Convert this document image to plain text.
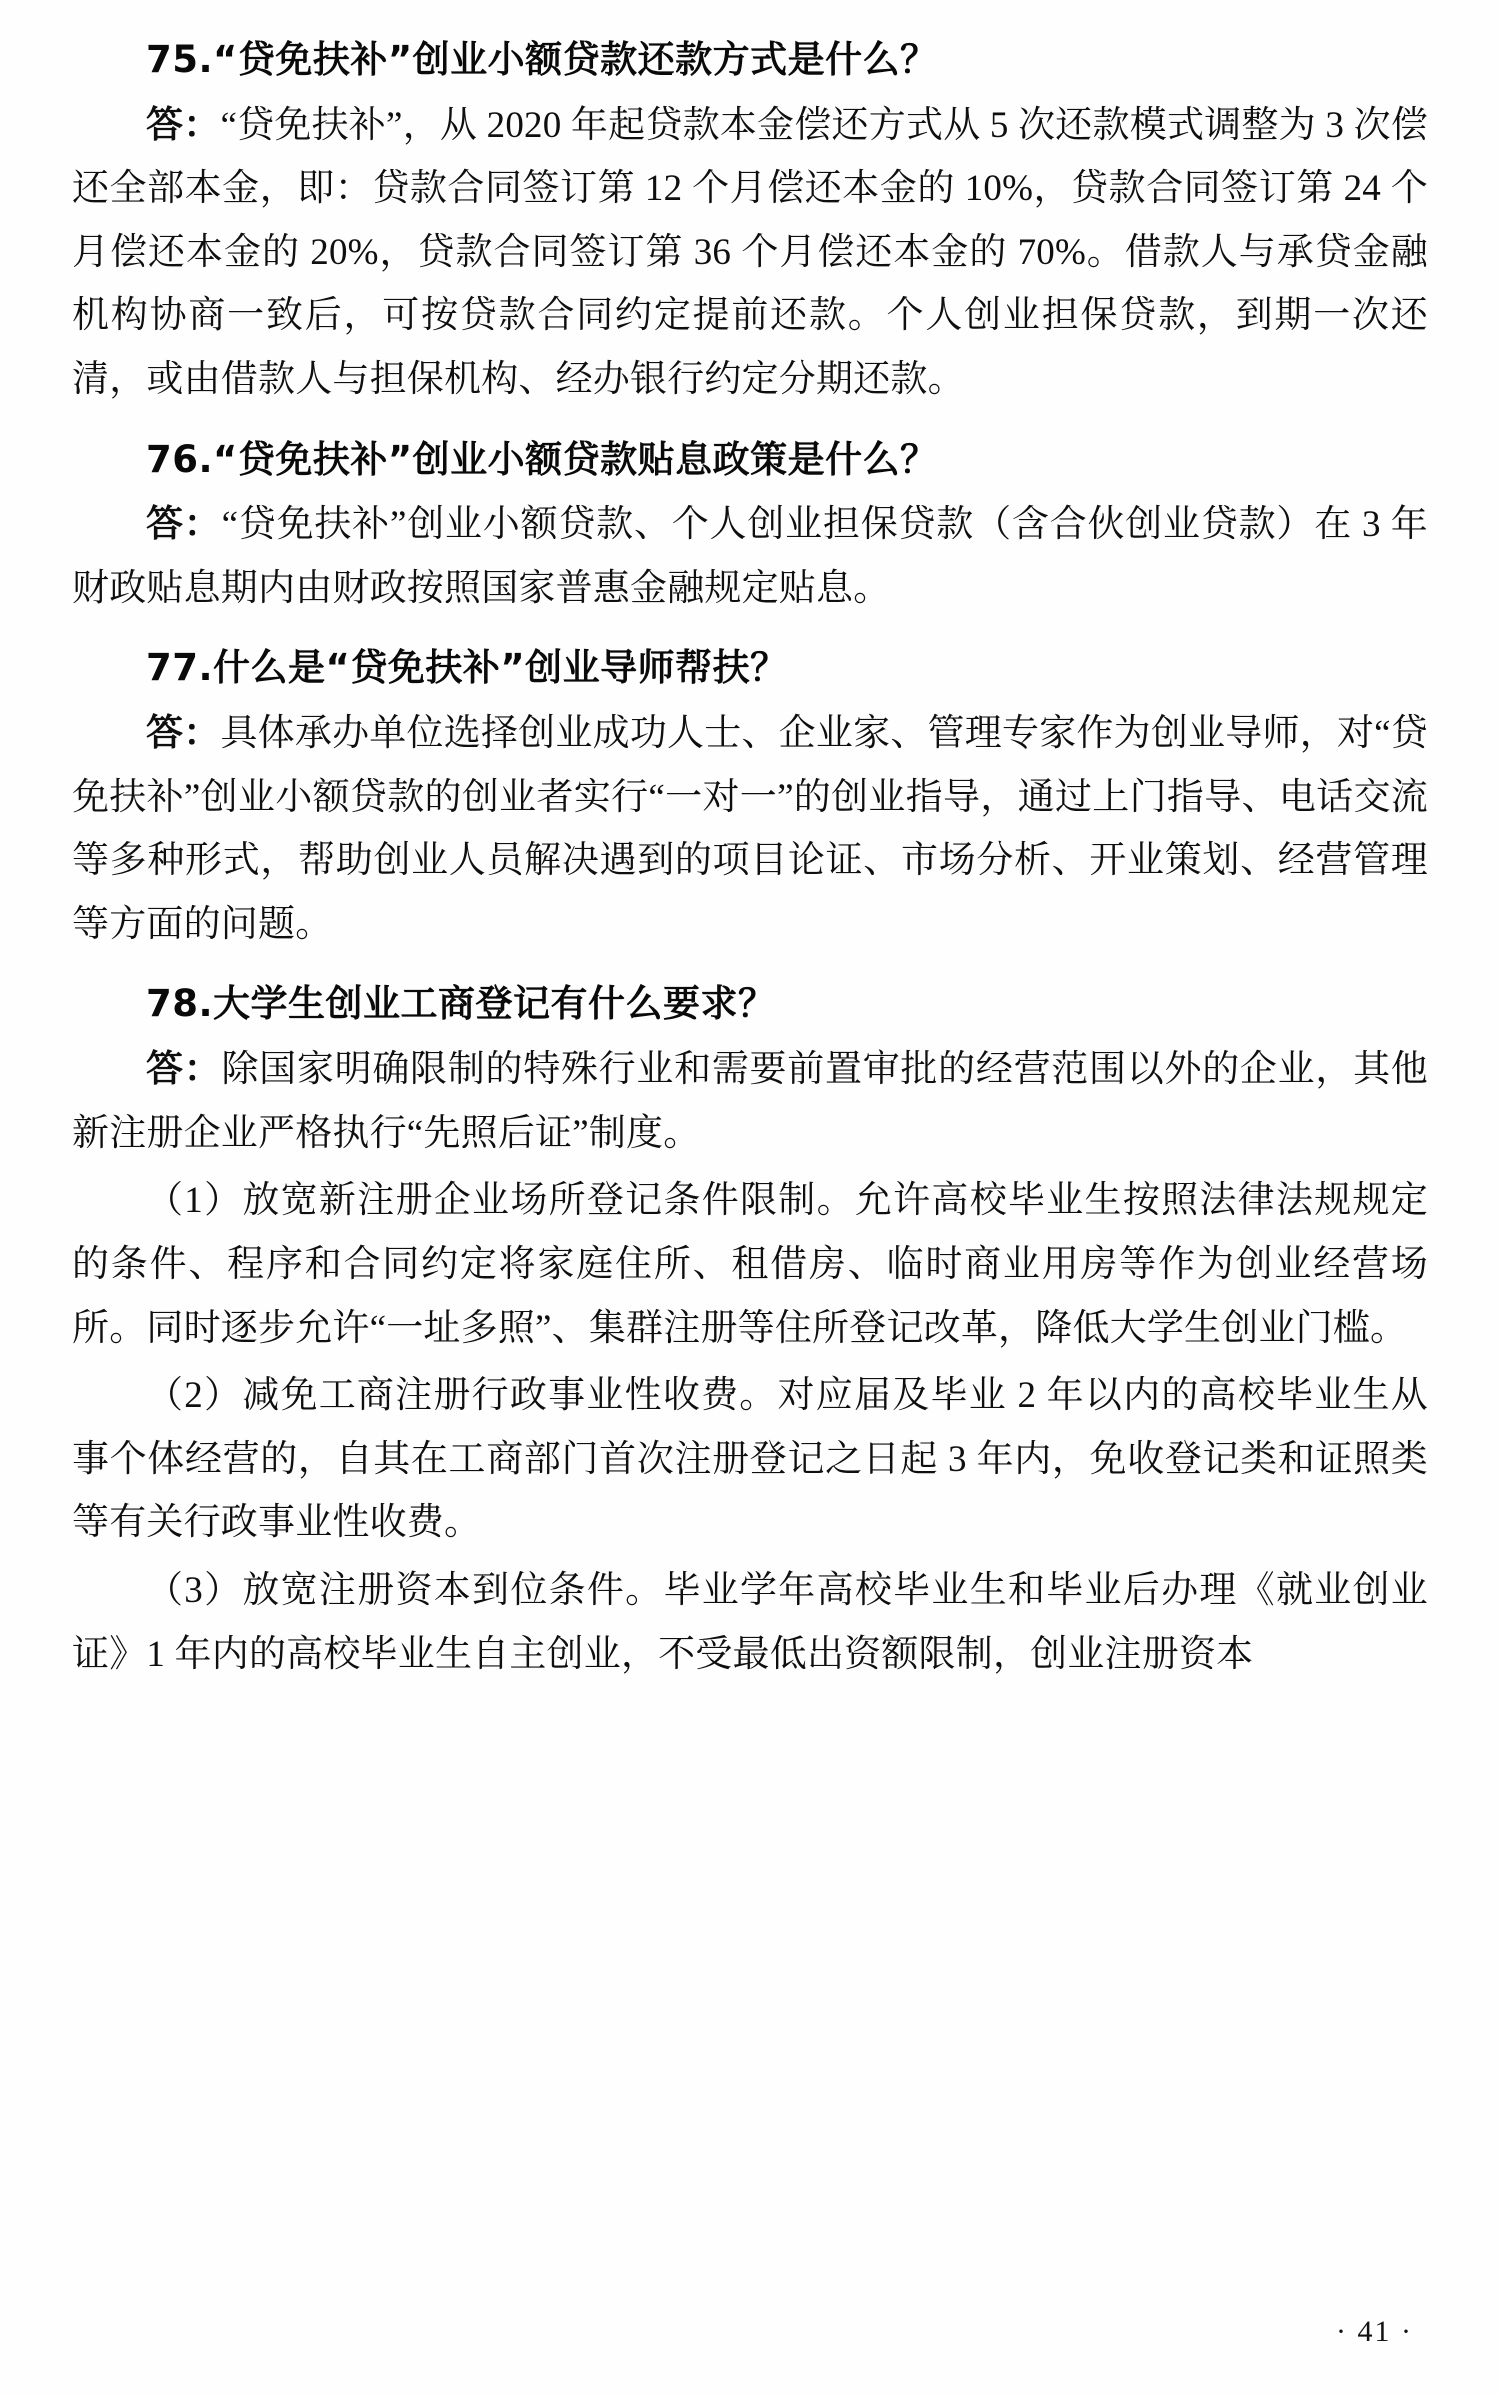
75.“贷免扶补”创业小额贷款还款方式是什么？

答：“贷免扶补”，从 2020 年起贷款本金偿还方式从 5 次还款模式调整为 3 次偿还全部本金，即：贷款合同签订第 12 个月偿还本金的 10%，贷款合同签订第 24 个月偿还本金的 20%，贷款合同签订第 36 个月偿还本金的 70%。借款人与承贷金融机构协商一致后，可按贷款合同约定提前还款。个人创业担保贷款，到期一次还清，或由借款人与担保机构、经办银行约定分期还款。

76.“贷免扶补”创业小额贷款贴息政策是什么？

答：“贷免扶补”创业小额贷款、个人创业担保贷款（含合伙创业贷款）在 3 年财政贴息期内由财政按照国家普惠金融规定贴息。

77.什么是“贷免扶补”创业导师帮扶？

答：具体承办单位选择创业成功人士、企业家、管理专家作为创业导师，对“贷免扶补”创业小额贷款的创业者实行“一对一”的创业指导，通过上门指导、电话交流等多种形式，帮助创业人员解决遇到的项目论证、市场分析、开业策划、经营管理等方面的问题。

78.大学生创业工商登记有什么要求？

答：除国家明确限制的特殊行业和需要前置审批的经营范围以外的企业，其他新注册企业严格执行“先照后证”制度。

（1）放宽新注册企业场所登记条件限制。允许高校毕业生按照法律法规规定的条件、程序和合同约定将家庭住所、租借房、临时商业用房等作为创业经营场所。同时逐步允许“一址多照”、集群注册等住所登记改革，降低大学生创业门槛。

（2）减免工商注册行政事业性收费。对应届及毕业 2 年以内的高校毕业生从事个体经营的，自其在工商部门首次注册登记之日起 3 年内，免收登记类和证照类等有关行政事业性收费。

（3）放宽注册资本到位条件。毕业学年高校毕业生和毕业后办理《就业创业证》1 年内的高校毕业生自主创业，不受最低出资额限制，创业注册资本

· 41 ·
